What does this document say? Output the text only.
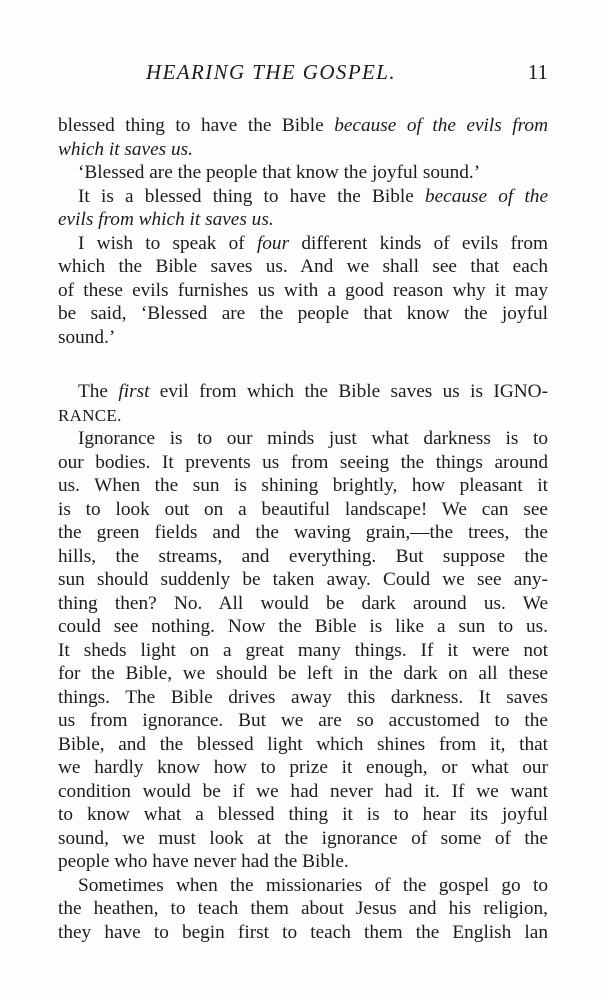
HEARING THE GOSPEL.	11
blessed thing to have the Bible because of the evils from
which it saves us.
‘Blessed are the people that know the joyful sound.’
It is a blessed thing to have the Bible because of the
evils from which it saves us.
I wish to speak of four different kinds of evils from
which the Bible saves us. And we shall see that each
of these evils furnishes us with a good reason why it may
be said, ‘Blessed are the people that know the joyful
sound.’
The first evil from which the Bible saves us is IGNO-
RANCE.
Ignorance is to our minds just what darkness is to
our bodies. It prevents us from seeing the things around
us. When the sun is shining brightly, how pleasant it
is to look out on a beautiful landscape! We can see
the green fields and the waving grain,—the trees, the
hills, the streams, and everything. But suppose the
sun should suddenly be taken away. Could we see any-
thing then? No. All would be dark around us. We
could see nothing. Now the Bible is like a sun to us.
It sheds light on a great many things. If it were not
for the Bible, we should be left in the dark on all these
things. The Bible drives away this darkness. It saves
us from ignorance. But we are so accustomed to the
Bible, and the blessed light which shines from it, that
we hardly know how to prize it enough, or what our
condition would be if we had never had it. If we want
to know what a blessed thing it is to hear its joyful
sound, we must look at the ignorance of some of the
people who have never had the Bible.
Sometimes when the missionaries of the gospel go to
the heathen, to teach them about Jesus and his religion,
they have to begin first to teach them the English lan
